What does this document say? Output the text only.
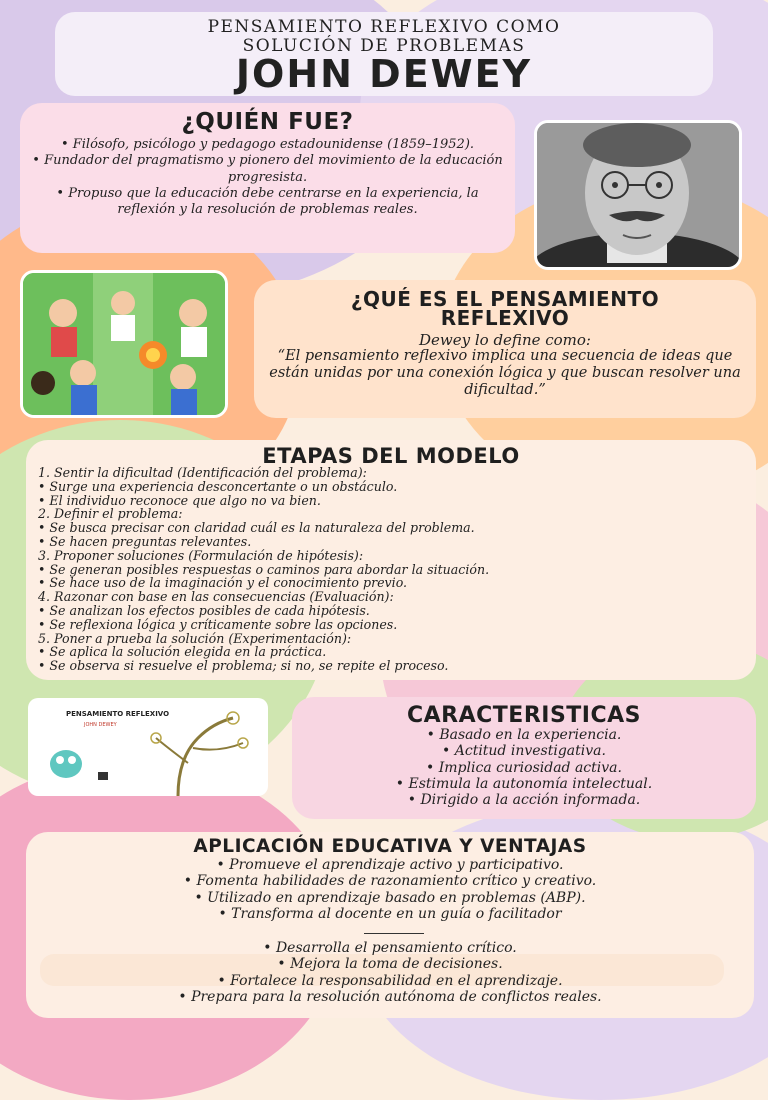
PENSAMIENTO REFLEXIVO COMO
SOLUCIÓN DE PROBLEMAS
JOHN DEWEY
¿QUIÉN FUE?
• Filósofo, psicólogo y pedagogo estadounidense (1859–1952).
• Fundador del pragmatismo y pionero del movimiento de la educación progresista.
• Propuso que la educación debe centrarse en la experiencia, la reflexión y la resolución de problemas reales.
¿QUÉ ES EL PENSAMIENTO
REFLEXIVO
Dewey lo define como:
“El pensamiento reflexivo implica una secuencia de ideas que están unidas por una conexión lógica y que buscan resolver una dificultad.”
ETAPAS DEL MODELO
1. Sentir la dificultad (Identificación del problema):
• Surge una experiencia desconcertante o un obstáculo.
• El individuo reconoce que algo no va bien.
2. Definir el problema:
• Se busca precisar con claridad cuál es la naturaleza del problema.
• Se hacen preguntas relevantes.
3. Proponer soluciones (Formulación de hipótesis):
• Se generan posibles respuestas o caminos para abordar la situación.
• Se hace uso de la imaginación y el conocimiento previo.
4. Razonar con base en las consecuencias (Evaluación):
• Se analizan los efectos posibles de cada hipótesis.
• Se reflexiona lógica y críticamente sobre las opciones.
5. Poner a prueba la solución (Experimentación):
• Se aplica la solución elegida en la práctica.
• Se observa si resuelve el problema; si no, se repite el proceso.
PENSAMIENTO REFLEXIVO
JOHN DEWEY	CARACTERISTICAS
• Basado en la experiencia.
• Actitud investigativa.
• Implica curiosidad activa.
• Estimula la autonomía intelectual.
• Dirigido a la acción informada.
APLICACIÓN EDUCATIVA Y VENTAJAS
• Promueve el aprendizaje activo y participativo.
• Fomenta habilidades de razonamiento crítico y creativo.
• Utilizado en aprendizaje basado en problemas (ABP).
• Transforma al docente en un guía o facilitador
• Desarrolla el pensamiento crítico.
• Mejora la toma de decisiones.
• Fortalece la responsabilidad en el aprendizaje.
• Prepara para la resolución autónoma de conflictos reales.
